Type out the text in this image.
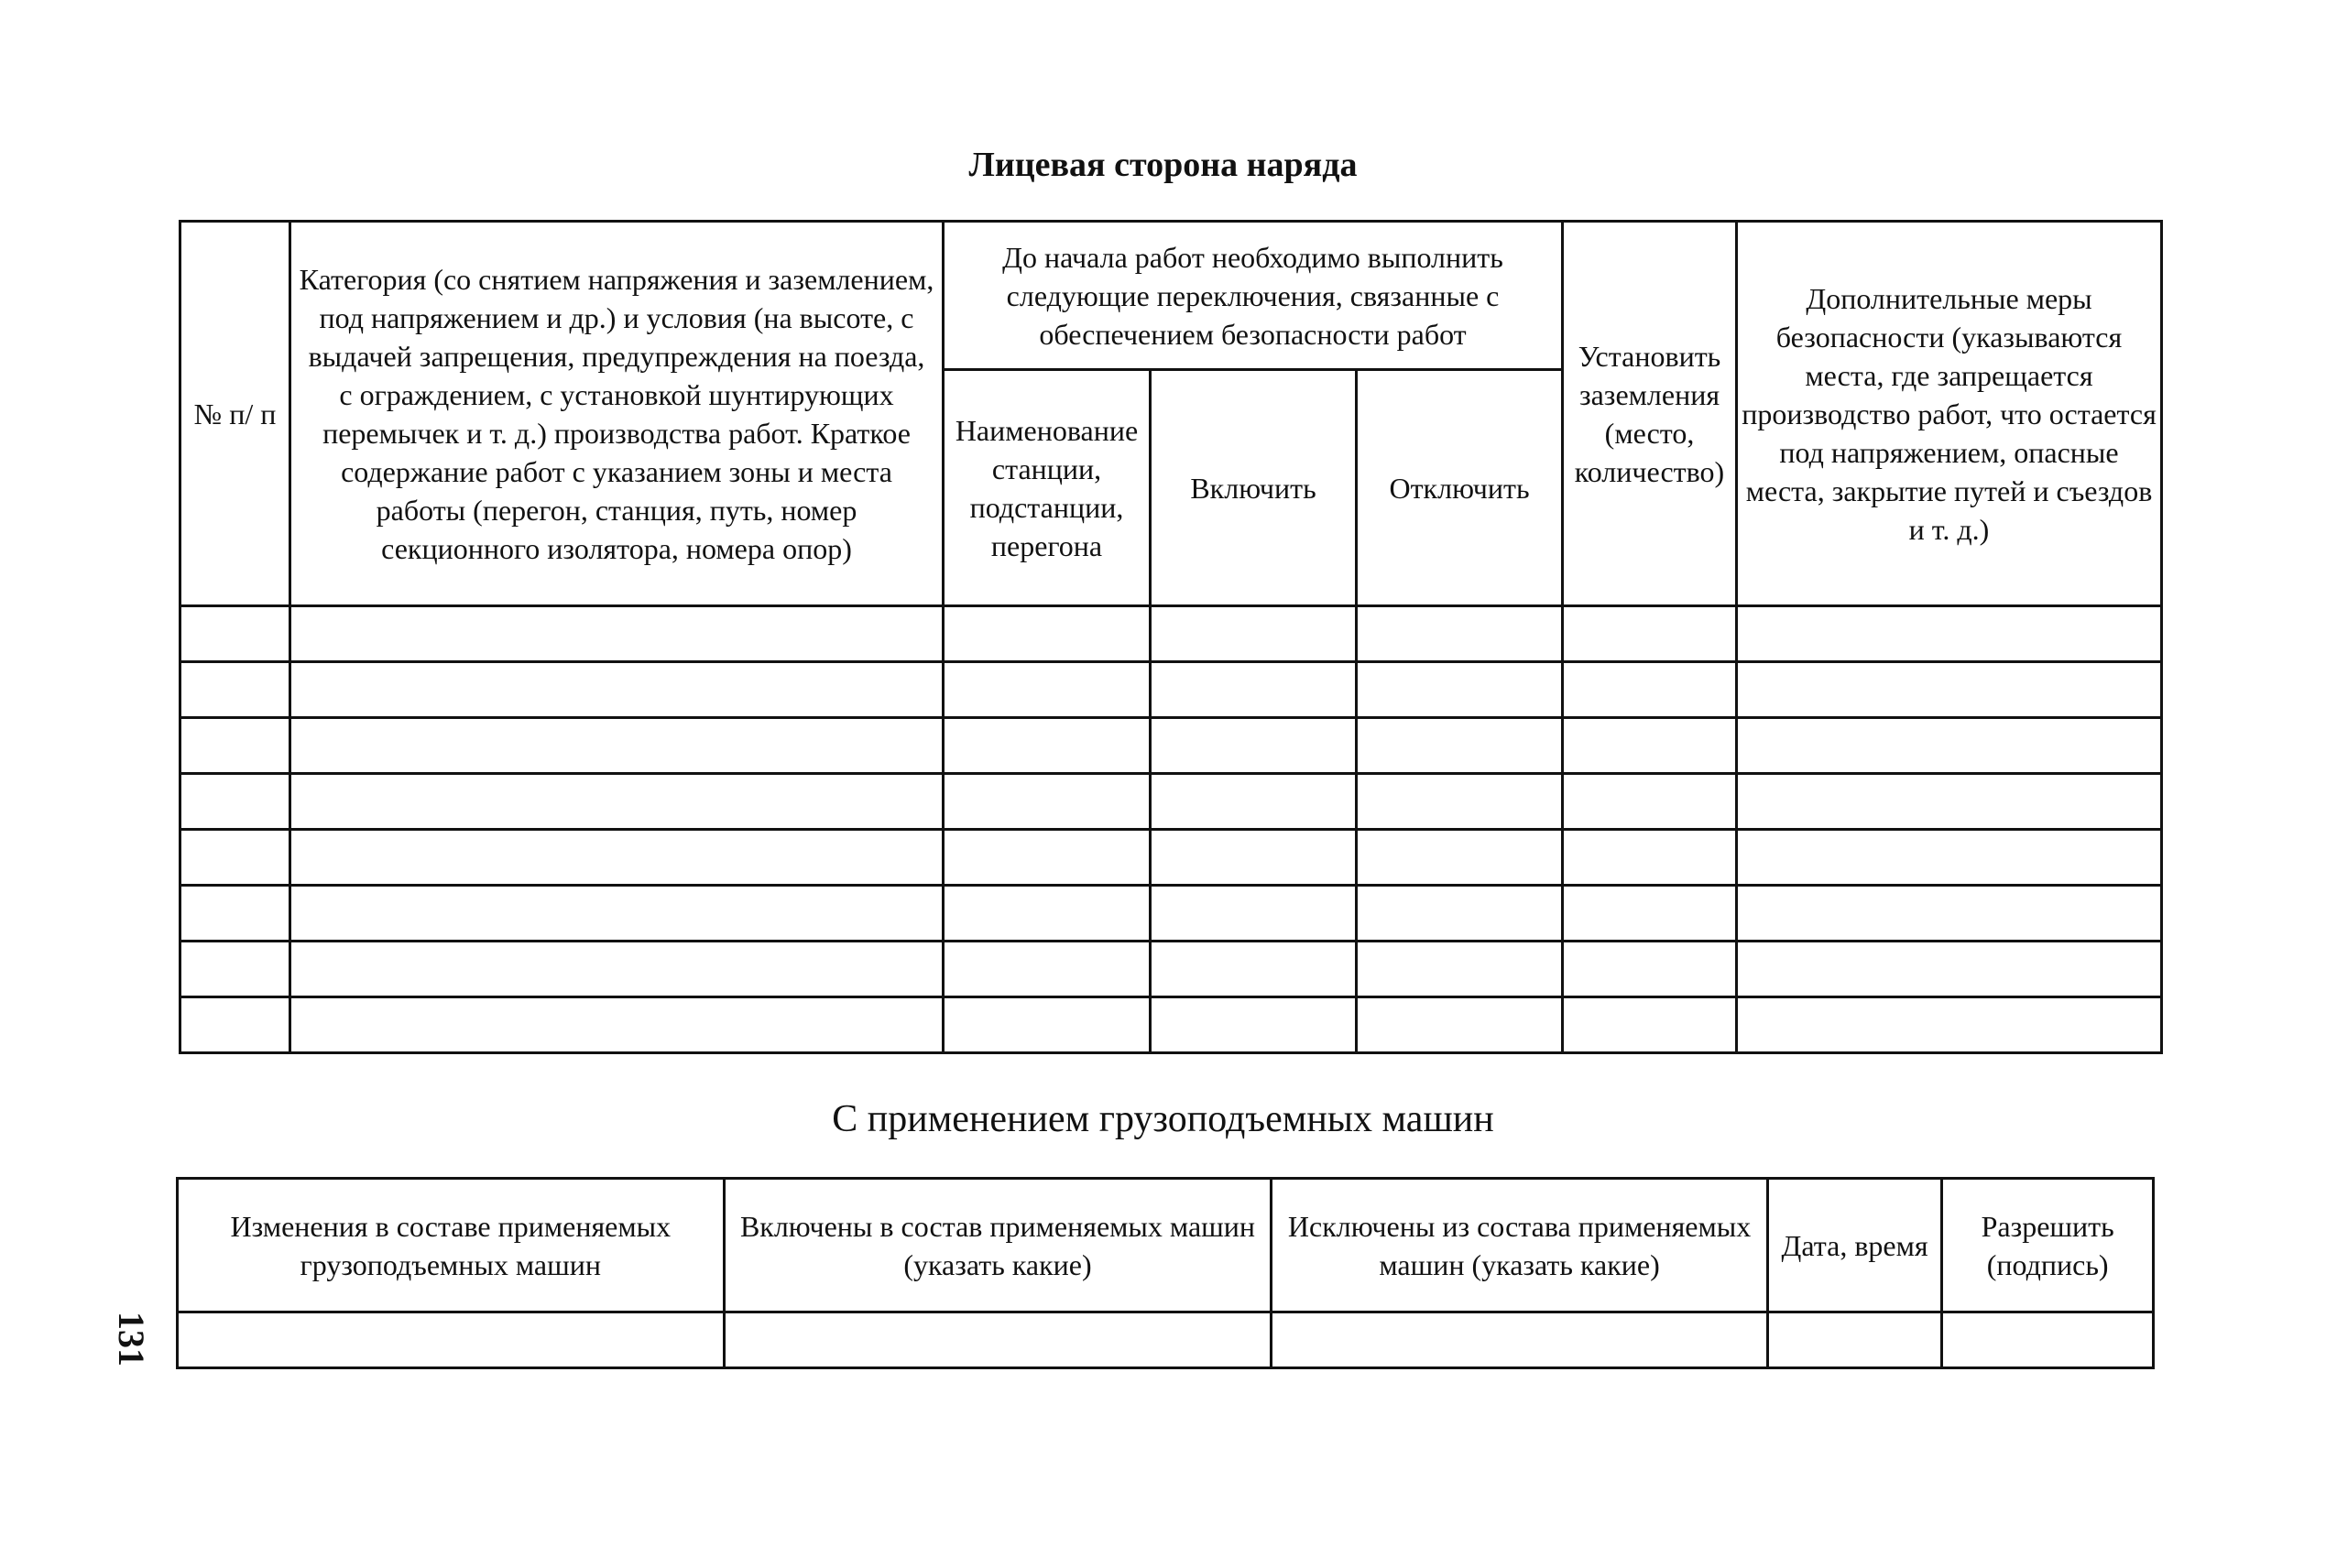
Лицевая сторона наряда
№ п/ п	Категория (со снятием напряжения и заземлением, под напряжением и др.) и условия (на высоте, с выдачей запрещения, предупреждения на поезда, с ограждением, с установкой шунтирующих перемычек и т. д.) производства работ. Краткое содержание работ с указанием зоны и места работы (перегон, станция, путь, номер секционного изолятора, номера опор)	До начала работ необходимо выполнить следующие переключения, связанные с обеспечением безопасности работ			Установить заземления (место, количество)	Дополнительные меры безопасности (указываются места, где запрещается производство работ, что остается под напряжением, опасные места, закрытие путей и съездов и т. д.)
		Наименование станции, подстанции, перегона	Включить	Отключить		

С применением грузоподъемных машин
Изменения в составе применяемых грузоподъемных машин	Включены в состав применяемых машин (указать какие)	Исключены из состава применяемых машин (указать какие)	Дата, время	Разрешить (подпись)

131
